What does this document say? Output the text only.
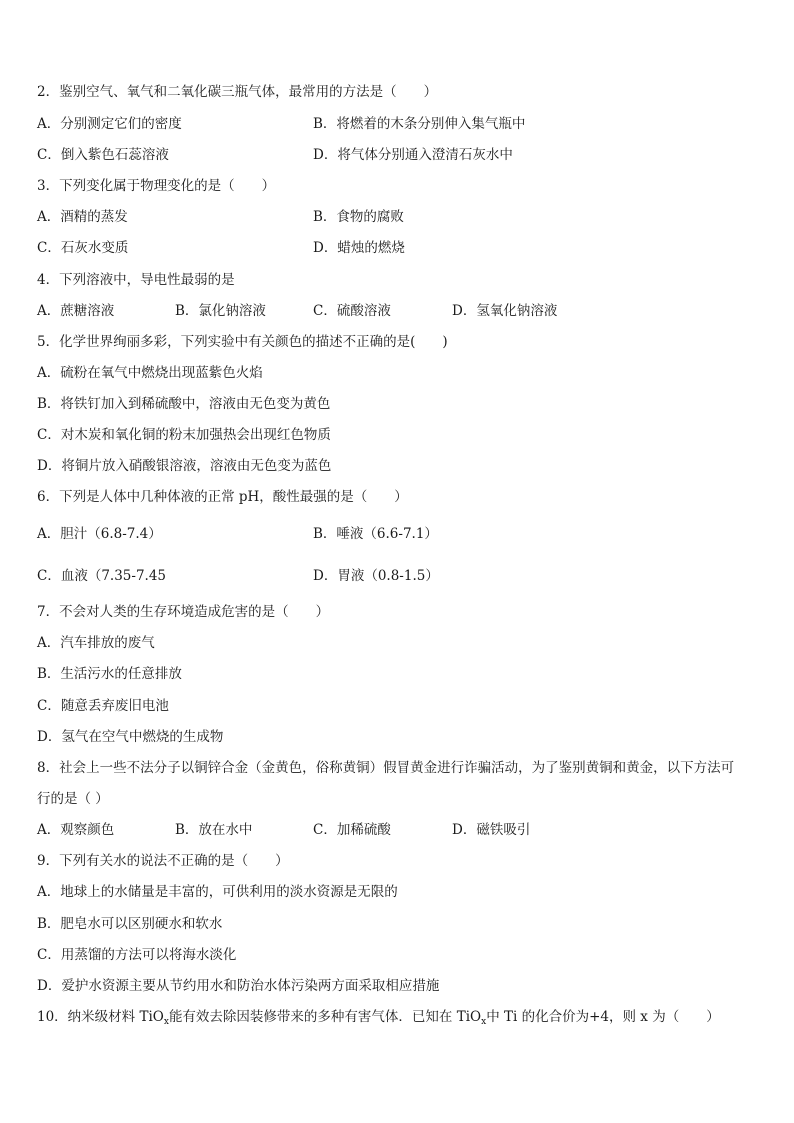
2．鉴别空气、氧气和二氧化碳三瓶气体，最常用的方法是（　　）
A．分别测定它们的密度	B．将燃着的木条分别伸入集气瓶中
C．倒入紫色石蕊溶液	D．将气体分别通入澄清石灰水中
3．下列变化属于物理变化的是（　　）
A．酒精的蒸发	B．食物的腐败
C．石灰水变质	D．蜡烛的燃烧
4．下列溶液中，导电性最弱的是
A．蔗糖溶液	B．氯化钠溶液	C．硫酸溶液	D．氢氧化钠溶液
5．化学世界绚丽多彩，下列实验中有关颜色的描述不正确的是(　　)
A．硫粉在氧气中燃烧出现蓝紫色火焰
B．将铁钉加入到稀硫酸中，溶液由无色变为黄色
C．对木炭和氧化铜的粉末加强热会出现红色物质
D．将铜片放入硝酸银溶液，溶液由无色变为蓝色
6．下列是人体中几种体液的正常 pH，酸性最强的是（　　）
A．胆汁（6.8-7.4）	B．唾液（6.6-7.1）
C．血液（7.35-7.45	D．胃液（0.8-1.5）
7．不会对人类的生存环境造成危害的是（　　）
A．汽车排放的废气
B．生活污水的任意排放
C．随意丢弃废旧电池
D．氢气在空气中燃烧的生成物
8．社会上一些不法分子以铜锌合金（金黄色，俗称黄铜）假冒黄金进行诈骗活动，为了鉴别黄铜和黄金，以下方法可
行的是（ ）
A．观察颜色	B．放在水中	C．加稀硫酸	D．磁铁吸引
9．下列有关水的说法不正确的是（　　）
A．地球上的水储量是丰富的，可供利用的淡水资源是无限的
B．肥皂水可以区别硬水和软水
C．用蒸馏的方法可以将海水淡化
D．爱护水资源主要从节约用水和防治水体污染两方面采取相应措施
10．纳米级材料 TiO$_x$能有效去除因装修带来的多种有害气体．已知在 TiO$_x$中 Ti 的化合价为+4，则 x 为（　　）
